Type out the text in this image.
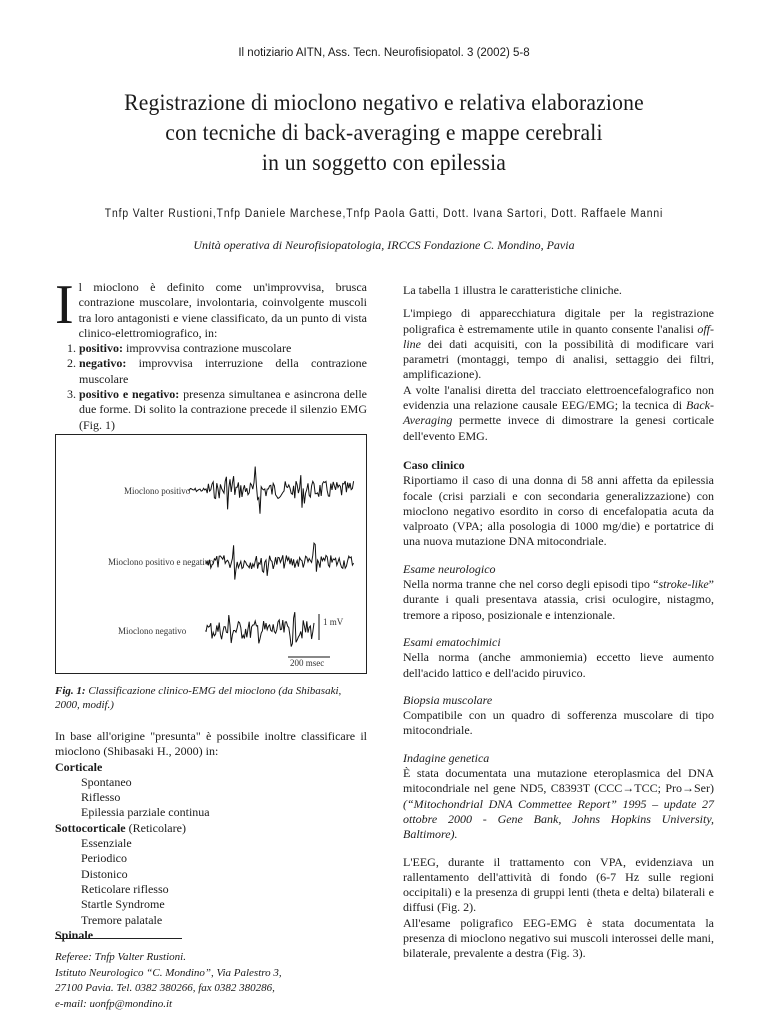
Il notiziario AITN, Ass. Tecn. Neurofisiopatol. 3 (2002) 5-8
Registrazione di mioclono negativo e relativa elaborazione
con tecniche di back-averaging e mappe cerebrali
in un soggetto con epilessia
Tnfp Valter Rustioni,Tnfp Daniele Marchese,Tnfp Paola Gatti, Dott. Ivana Sartori, Dott. Raffaele Manni
Unità operativa di Neurofisiopatologia, IRCCS Fondazione C. Mondino, Pavia
I l mioclono è definito come un'improvvisa, brusca contrazione muscolare, involontaria, coinvolgente muscoli tra loro antagonisti e viene classificato, da un punto di vista clinico-elettromiografico, in:

1. positivo: improvvisa contrazione muscolare
2. negativo: improvvisa interruzione della contrazione muscolare
3. positivo e negativo: presenza simultanea e asincrona delle due forme. Di solito la contrazione precede il silenzio EMG (Fig. 1)
Mioclono positivo
Mioclono positivo e negativo
Mioclono negativo
1 mV
200 msec
Fig. 1: Classificazione clinico-EMG del mioclono (da Shibasaki, 2000, modif.)

In base all'origine "presunta" è possibile inoltre classificare il mioclono (Shibasaki H., 2000) in:

Corticale
Spontaneo
Riflesso
Epilessia parziale continua
Sottocorticale (Reticolare)
Essenziale
Periodico
Distonico
Reticolare riflesso
Startle Syndrome
Tremore palatale
Spinale
Referee: Tnfp Valter Rustioni.
Istituto Neurologico “C. Mondino”, Via Palestro 3,
27100 Pavia. Tel. 0382 380266, fax 0382 380286,
e-mail: uonfp@mondino.it

La tabella 1 illustra le caratteristiche cliniche.

L'impiego di apparecchiatura digitale per la registrazione poligrafica è estremamente utile in quanto consente l'analisi off-line dei dati acquisiti, con la possibilità di modificare vari parametri (montaggi, tempo di analisi, settaggio dei filtri, amplificazione).

A volte l'analisi diretta del tracciato elettroencefalografico non evidenzia una relazione causale EEG/EMG; la tecnica di Back-Averaging permette invece di dimostrare la genesi corticale dell'evento EMG.

Caso clinico

Riportiamo il caso di una donna di 58 anni affetta da epilessia focale (crisi parziali e con secondaria generalizzazione) con mioclono negativo esordito in corso di encefalopatia acuta da valproato (VPA; alla posologia di 1000 mg/die) e portatrice di una nuova mutazione DNA mitocondriale.

Esame neurologico

Nella norma tranne che nel corso degli episodi tipo “stroke-like” durante i quali presentava atassia, crisi oculogire, nistagmo, tremore a riposo, posizionale e intenzionale.

Esami ematochimici

Nella norma (anche ammoniemia) eccetto lieve aumento dell'acido lattico e dell'acido piruvico.

Biopsia muscolare

Compatibile con un quadro di sofferenza muscolare di tipo mitocondriale.

Indagine genetica

È stata documentata una mutazione eteroplasmica del DNA mitocondriale nel gene ND5, C8393T (CCC→TCC; Pro→Ser) (“Mitochondrial DNA Commettee Report” 1995 – update 27 ottobre 2000 - Gene Bank, Johns Hopkins University, Baltimore).

L'EEG, durante il trattamento con VPA, evidenziava un rallentamento dell'attività di fondo (6-7 Hz sulle regioni occipitali) e la presenza di gruppi lenti (theta e delta) bilaterali e diffusi (Fig. 2).

All'esame poligrafico EEG-EMG è stata documentata la presenza di mioclono negativo sui muscoli interossei delle mani, bilaterale, prevalente a destra (Fig. 3).
